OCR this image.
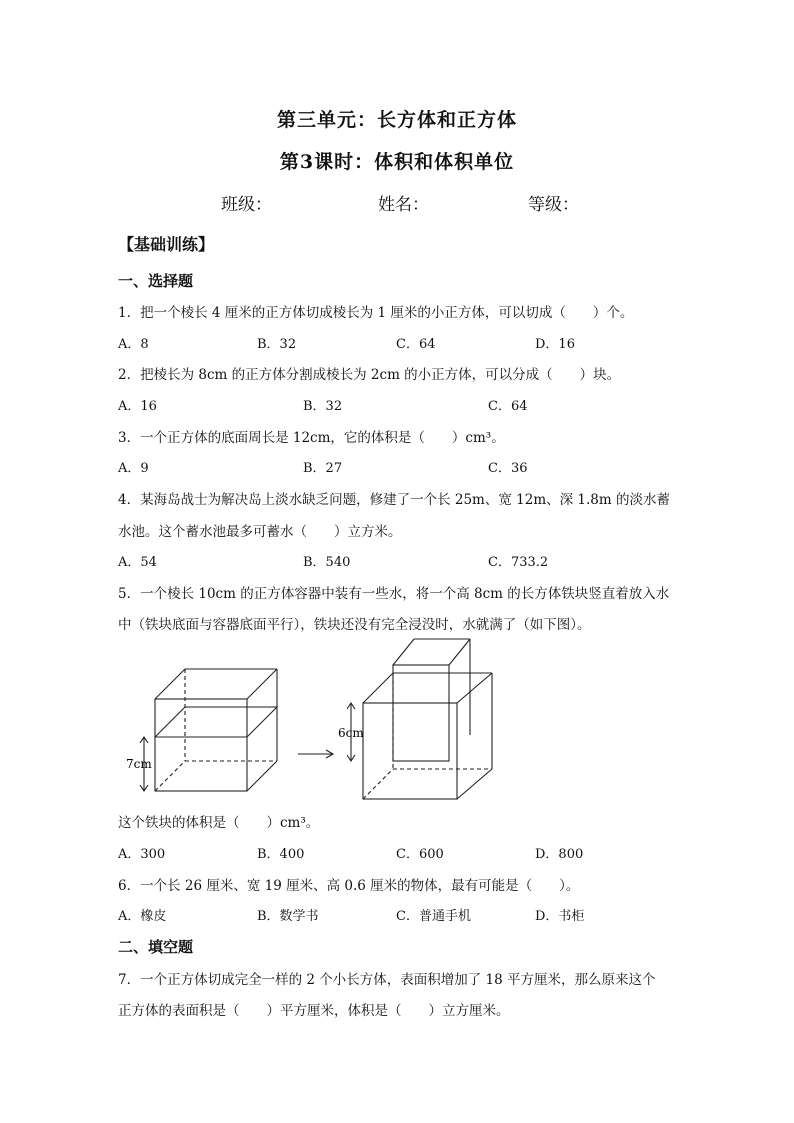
第三单元：长方体和正方体
第3课时：体积和体积单位
班级：	姓名：	等级：
【基础训练】
一、选择题
1．把一个棱长 4 厘米的正方体切成棱长为 1 厘米的小正方体，可以切成（　　）个。
A．8	B．32	C．64	D．16
2．把棱长为 8cm 的正方体分割成棱长为 2cm 的小正方体，可以分成（　　）块。
A．16	B．32	C．64
3．一个正方体的底面周长是 12cm，它的体积是（　　）cm³。
A．9	B．27	C．36
4．某海岛战士为解决岛上淡水缺乏问题，修建了一个长 25m、宽 12m、深 1.8m 的淡水蓄
水池。这个蓄水池最多可蓄水（　　）立方米。
A．54	B．540	C．733.2
5．一个棱长 10cm 的正方体容器中装有一些水，将一个高 8cm 的长方体铁块竖直着放入水
中（铁块底面与容器底面平行），铁块还没有完全浸没时，水就满了（如下图）。
7cm
6cm
这个铁块的体积是（　　）cm³。
A．300	B．400	C．600	D．800
6．一个长 26 厘米、宽 19 厘米、高 0.6 厘米的物体，最有可能是（　　）。
A．橡皮	B．数学书	C．普通手机	D．书柜
二、填空题
7．一个正方体切成完全一样的 2 个小长方体，表面积增加了 18 平方厘米，那么原来这个
正方体的表面积是（　　）平方厘米，体积是（　　）立方厘米。
